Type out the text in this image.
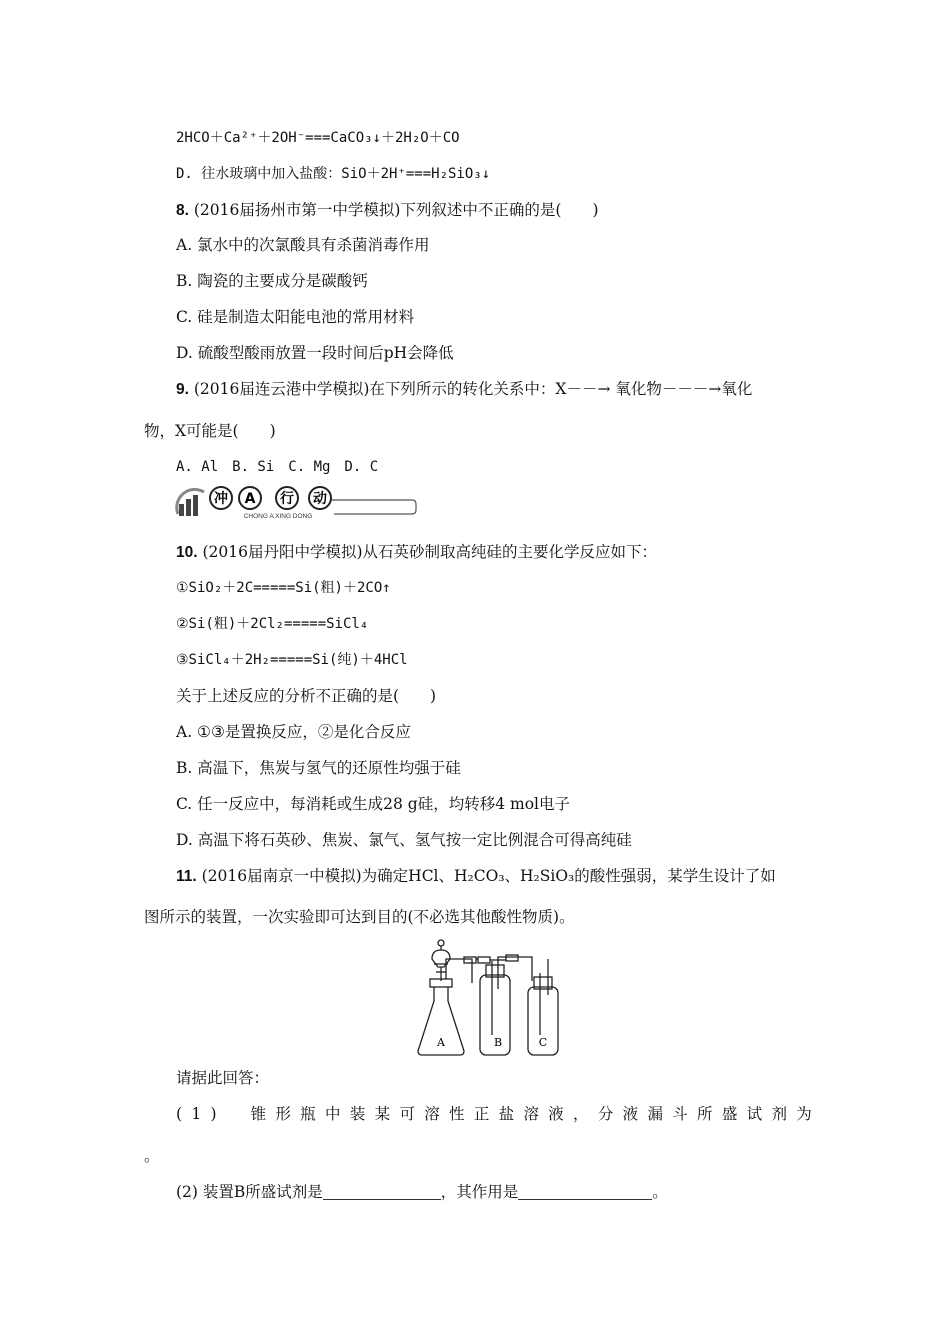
2HCO＋Ca²⁺＋2OH⁻===CaCO₃↓＋2H₂O＋CO
D. 往水玻璃中加入盐酸：SiO＋2H⁺===H₂SiO₃↓
8. (2016届扬州市第一中学模拟)下列叙述中不正确的是(　　)
A. 氯水中的次氯酸具有杀菌消毒作用
B. 陶瓷的主要成分是碳酸钙
C. 硅是制造太阳能电池的常用材料
D. 硫酸型酸雨放置一段时间后pH会降低
9. (2016届连云港中学模拟)在下列所示的转化关系中：X－－→ 氧化物－－－→氧化
物，X可能是(　　)
A. Al　B. Si　C. Mg　D. C
冲 A 行 动
CHONG A XING DONG
10. (2016届丹阳中学模拟)从石英砂制取高纯硅的主要化学反应如下：
①SiO₂＋2C=====Si(粗)＋2CO↑
②Si(粗)＋2Cl₂=====SiCl₄
③SiCl₄＋2H₂=====Si(纯)＋4HCl
关于上述反应的分析不正确的是(　　)
A. ①③是置换反应，②是化合反应
B. 高温下，焦炭与氢气的还原性均强于硅
C. 任一反应中，每消耗或生成28 g硅，均转移4 mol电子
D. 高温下将石英砂、焦炭、氯气、氢气按一定比例混合可得高纯硅
11. (2016届南京一中模拟)为确定HCl、H₂CO₃、H₂SiO₃的酸性强弱，某学生设计了如
图所示的装置，一次实验即可达到目的(不必选其他酸性物质)。
A	B	C
请据此回答：
(1)　锥形瓶中装某可溶性正盐溶液，分液漏斗所盛试剂为
。
(2) 装置B所盛试剂是	，其作用是	。
